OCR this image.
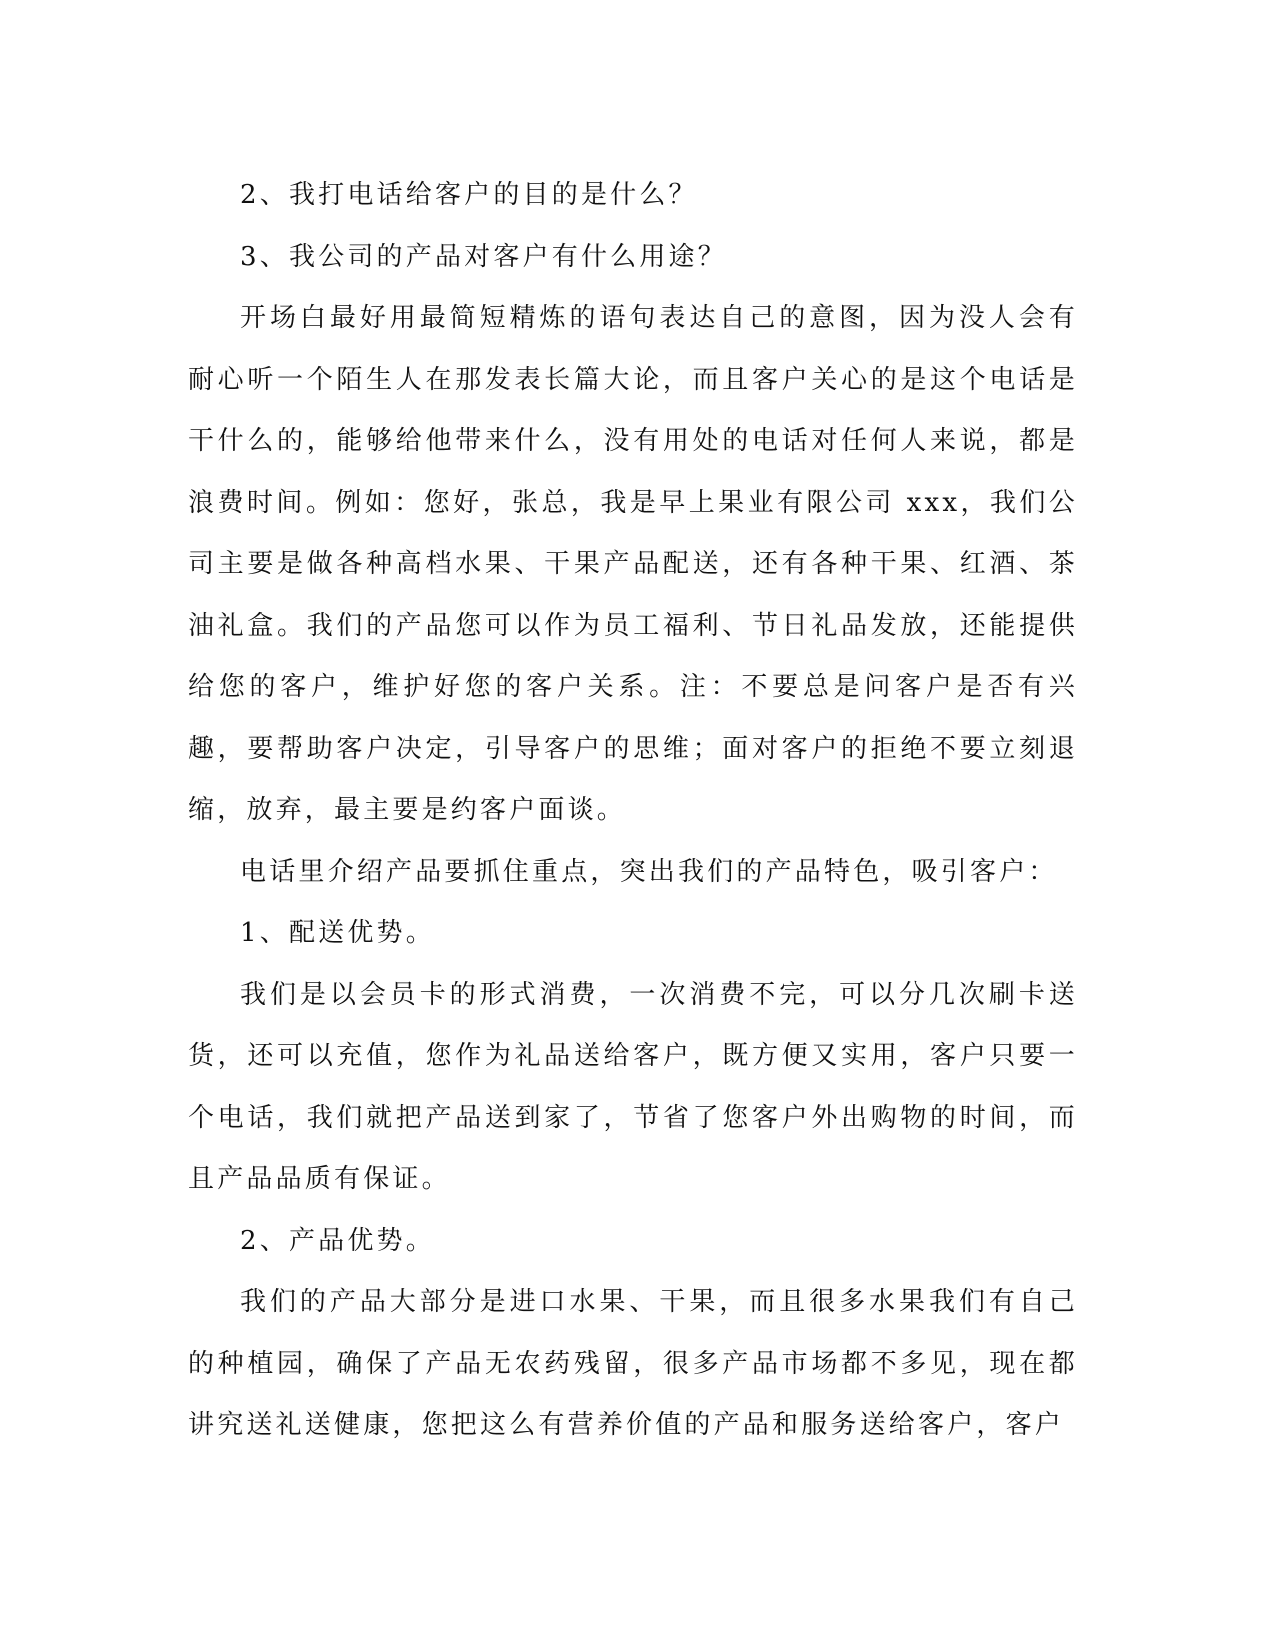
2、我打电话给客户的目的是什么？

3、我公司的产品对客户有什么用途？

开场白最好用最简短精炼的语句表达自己的意图，因为没人会有耐心听一个陌生人在那发表长篇大论，而且客户关心的是这个电话是干什么的，能够给他带来什么，没有用处的电话对任何人来说，都是浪费时间。例如：您好，张总，我是早上果业有限公司 xxx，我们公司主要是做各种高档水果、干果产品配送，还有各种干果、红酒、茶油礼盒。我们的产品您可以作为员工福利、节日礼品发放，还能提供给您的客户，维护好您的客户关系。注：不要总是问客户是否有兴趣，要帮助客户决定，引导客户的思维；面对客户的拒绝不要立刻退缩，放弃，最主要是约客户面谈。

电话里介绍产品要抓住重点，突出我们的产品特色，吸引客户：

1、配送优势。

我们是以会员卡的形式消费，一次消费不完，可以分几次刷卡送货，还可以充值，您作为礼品送给客户，既方便又实用，客户只要一个电话，我们就把产品送到家了，节省了您客户外出购物的时间，而且产品品质有保证。

2、产品优势。

我们的产品大部分是进口水果、干果，而且很多水果我们有自己的种植园，确保了产品无农药残留，很多产品市场都不多见，现在都讲究送礼送健康，您把这么有营养价值的产品和服务送给客户，客户
